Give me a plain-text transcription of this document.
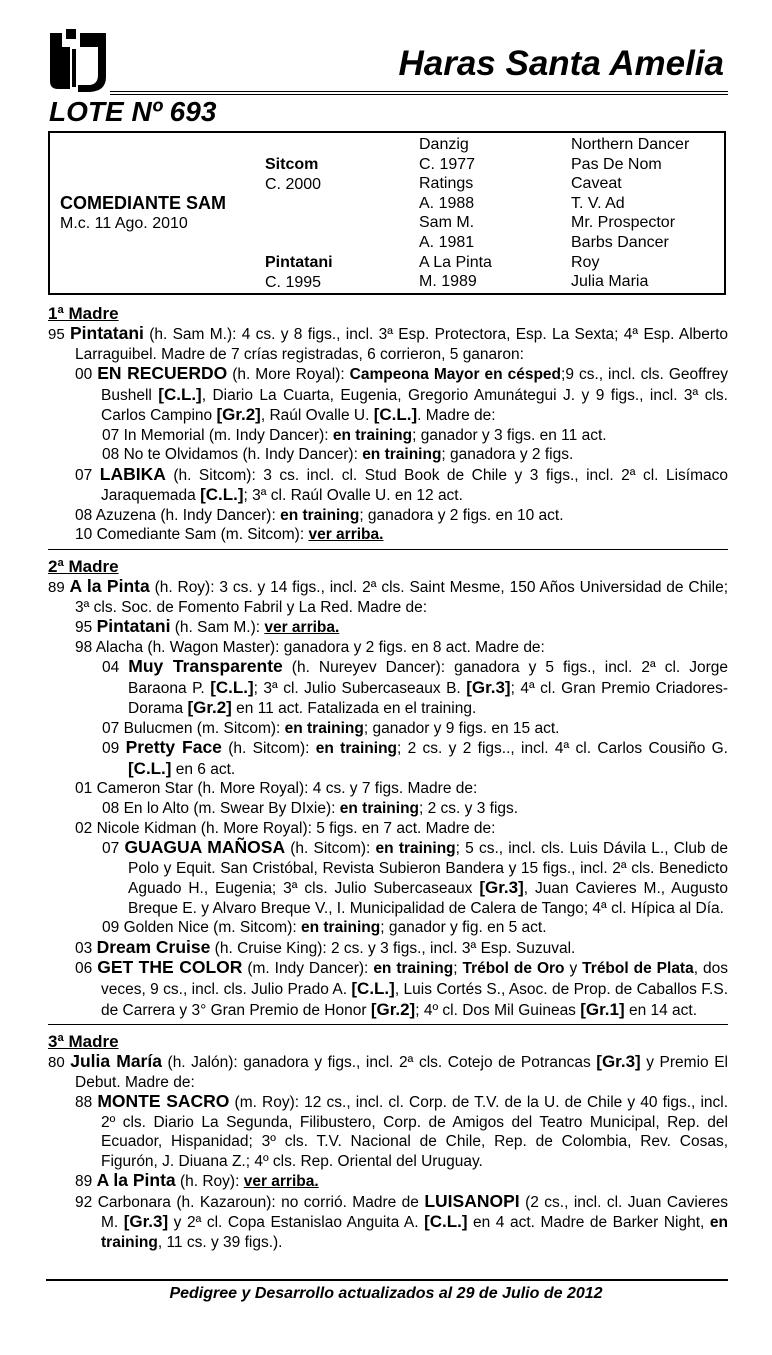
Haras Santa Amelia
LOTE Nº 693
COMEDIANTE SAM
M.c. 11 Ago. 2010
Sitcom
C. 2000
Pintatani
C. 1995
Danzig
C. 1977
Ratings
A. 1988
Sam M.
A. 1981
A La Pinta
M. 1989
Northern Dancer
Pas De Nom
Caveat
T. V. Ad
Mr. Prospector
Barbs Dancer
Roy
Julia Maria
1ª Madre
95 Pintatani (h. Sam M.): 4 cs. y 8 figs., incl. 3ª Esp. Protectora, Esp. La Sexta; 4ª Esp. Alberto Larraguibel. Madre de 7 crías registradas, 6 corrieron, 5 ganaron:
00 EN RECUERDO (h. More Royal): Campeona Mayor en césped;9 cs., incl. cls. Geoffrey Bushell [C.L.], Diario La Cuarta, Eugenia, Gregorio Amunátegui J. y 9 figs., incl. 3ª cls. Carlos Campino [Gr.2], Raúl Ovalle U. [C.L.]. Madre de:
07 In Memorial (m. Indy Dancer): en training; ganador y 3 figs. en 11 act.
08 No te Olvidamos (h. Indy Dancer): en training; ganadora y 2 figs.
07 LABIKA (h. Sitcom): 3 cs. incl. cl. Stud Book de Chile y 3 figs., incl. 2ª cl. Lisímaco Jaraquemada [C.L.]; 3ª cl. Raúl Ovalle U. en 12 act.
08 Azuzena (h. Indy Dancer): en training; ganadora y 2 figs. en 10 act.
10 Comediante Sam (m. Sitcom): ver arriba.
2ª Madre
89 A la Pinta (h. Roy): 3 cs. y 14 figs., incl. 2ª cls. Saint Mesme, 150 Años Universidad de Chile; 3ª cls. Soc. de Fomento Fabril y La Red. Madre de:
95 Pintatani (h. Sam M.): ver arriba.
98 Alacha (h. Wagon Master): ganadora y 2 figs. en 8 act. Madre de:
04 Muy Transparente (h. Nureyev Dancer): ganadora y 5 figs., incl. 2ª cl. Jorge Baraona P. [C.L.]; 3ª cl. Julio Subercaseaux B. [Gr.3]; 4ª cl. Gran Premio Criadores-Dorama [Gr.2] en 11 act. Fatalizada en el training.
07 Bulucmen (m. Sitcom): en training; ganador y 9 figs. en 15 act.
09 Pretty Face (h. Sitcom): en training; 2 cs. y 2 figs.., incl. 4ª cl. Carlos Cousiño G. [C.L.] en 6 act.
01 Cameron Star (h. More Royal): 4 cs. y 7 figs. Madre de:
08 En lo Alto (m. Swear By DIxie): en training; 2 cs. y 3 figs.
02 Nicole Kidman (h. More Royal): 5 figs. en 7 act. Madre de:
07 GUAGUA MAÑOSA (h. Sitcom): en training; 5 cs., incl. cls. Luis Dávila L., Club de Polo y Equit. San Cristóbal, Revista Subieron Bandera y 15 figs., incl. 2ª cls. Benedicto Aguado H., Eugenia; 3ª cls. Julio Subercaseaux [Gr.3], Juan Cavieres M., Augusto Breque E. y Alvaro Breque V., I. Municipalidad de Calera de Tango; 4ª cl. Hípica al Día.
09 Golden Nice (m. Sitcom): en training; ganador y fig. en 5 act.
03 Dream Cruise (h. Cruise King): 2 cs. y 3 figs., incl. 3ª Esp. Suzuval.
06 GET THE COLOR (m. Indy Dancer): en training; Trébol de Oro y Trébol de Plata, dos veces, 9 cs., incl. cls. Julio Prado A. [C.L.], Luis Cortés S., Asoc. de Prop. de Caballos F.S. de Carrera y 3° Gran Premio de Honor [Gr.2]; 4º cl. Dos Mil Guineas [Gr.1] en 14 act.
3ª Madre
80 Julia María (h. Jalón): ganadora y figs., incl. 2ª cls. Cotejo de Potrancas [Gr.3] y Premio El Debut. Madre de:
88 MONTE SACRO (m. Roy): 12 cs., incl. cl. Corp. de T.V. de la U. de Chile y 40 figs., incl. 2º cls. Diario La Segunda, Filibustero, Corp. de Amigos del Teatro Municipal, Rep. del Ecuador, Hispanidad; 3º cls. T.V. Nacional de Chile, Rep. de Colombia, Rev. Cosas, Figurón, J. Diuana Z.; 4º cls. Rep. Oriental del Uruguay.
89 A la Pinta (h. Roy): ver arriba.
92 Carbonara (h. Kazaroun): no corrió. Madre de LUISANOPI (2 cs., incl. cl. Juan Cavieres M. [Gr.3] y 2ª cl. Copa Estanislao Anguita A. [C.L.] en 4 act. Madre de Barker Night, en training, 11 cs. y 39 figs.).
Pedigree y Desarrollo actualizados al 29 de Julio de 2012
